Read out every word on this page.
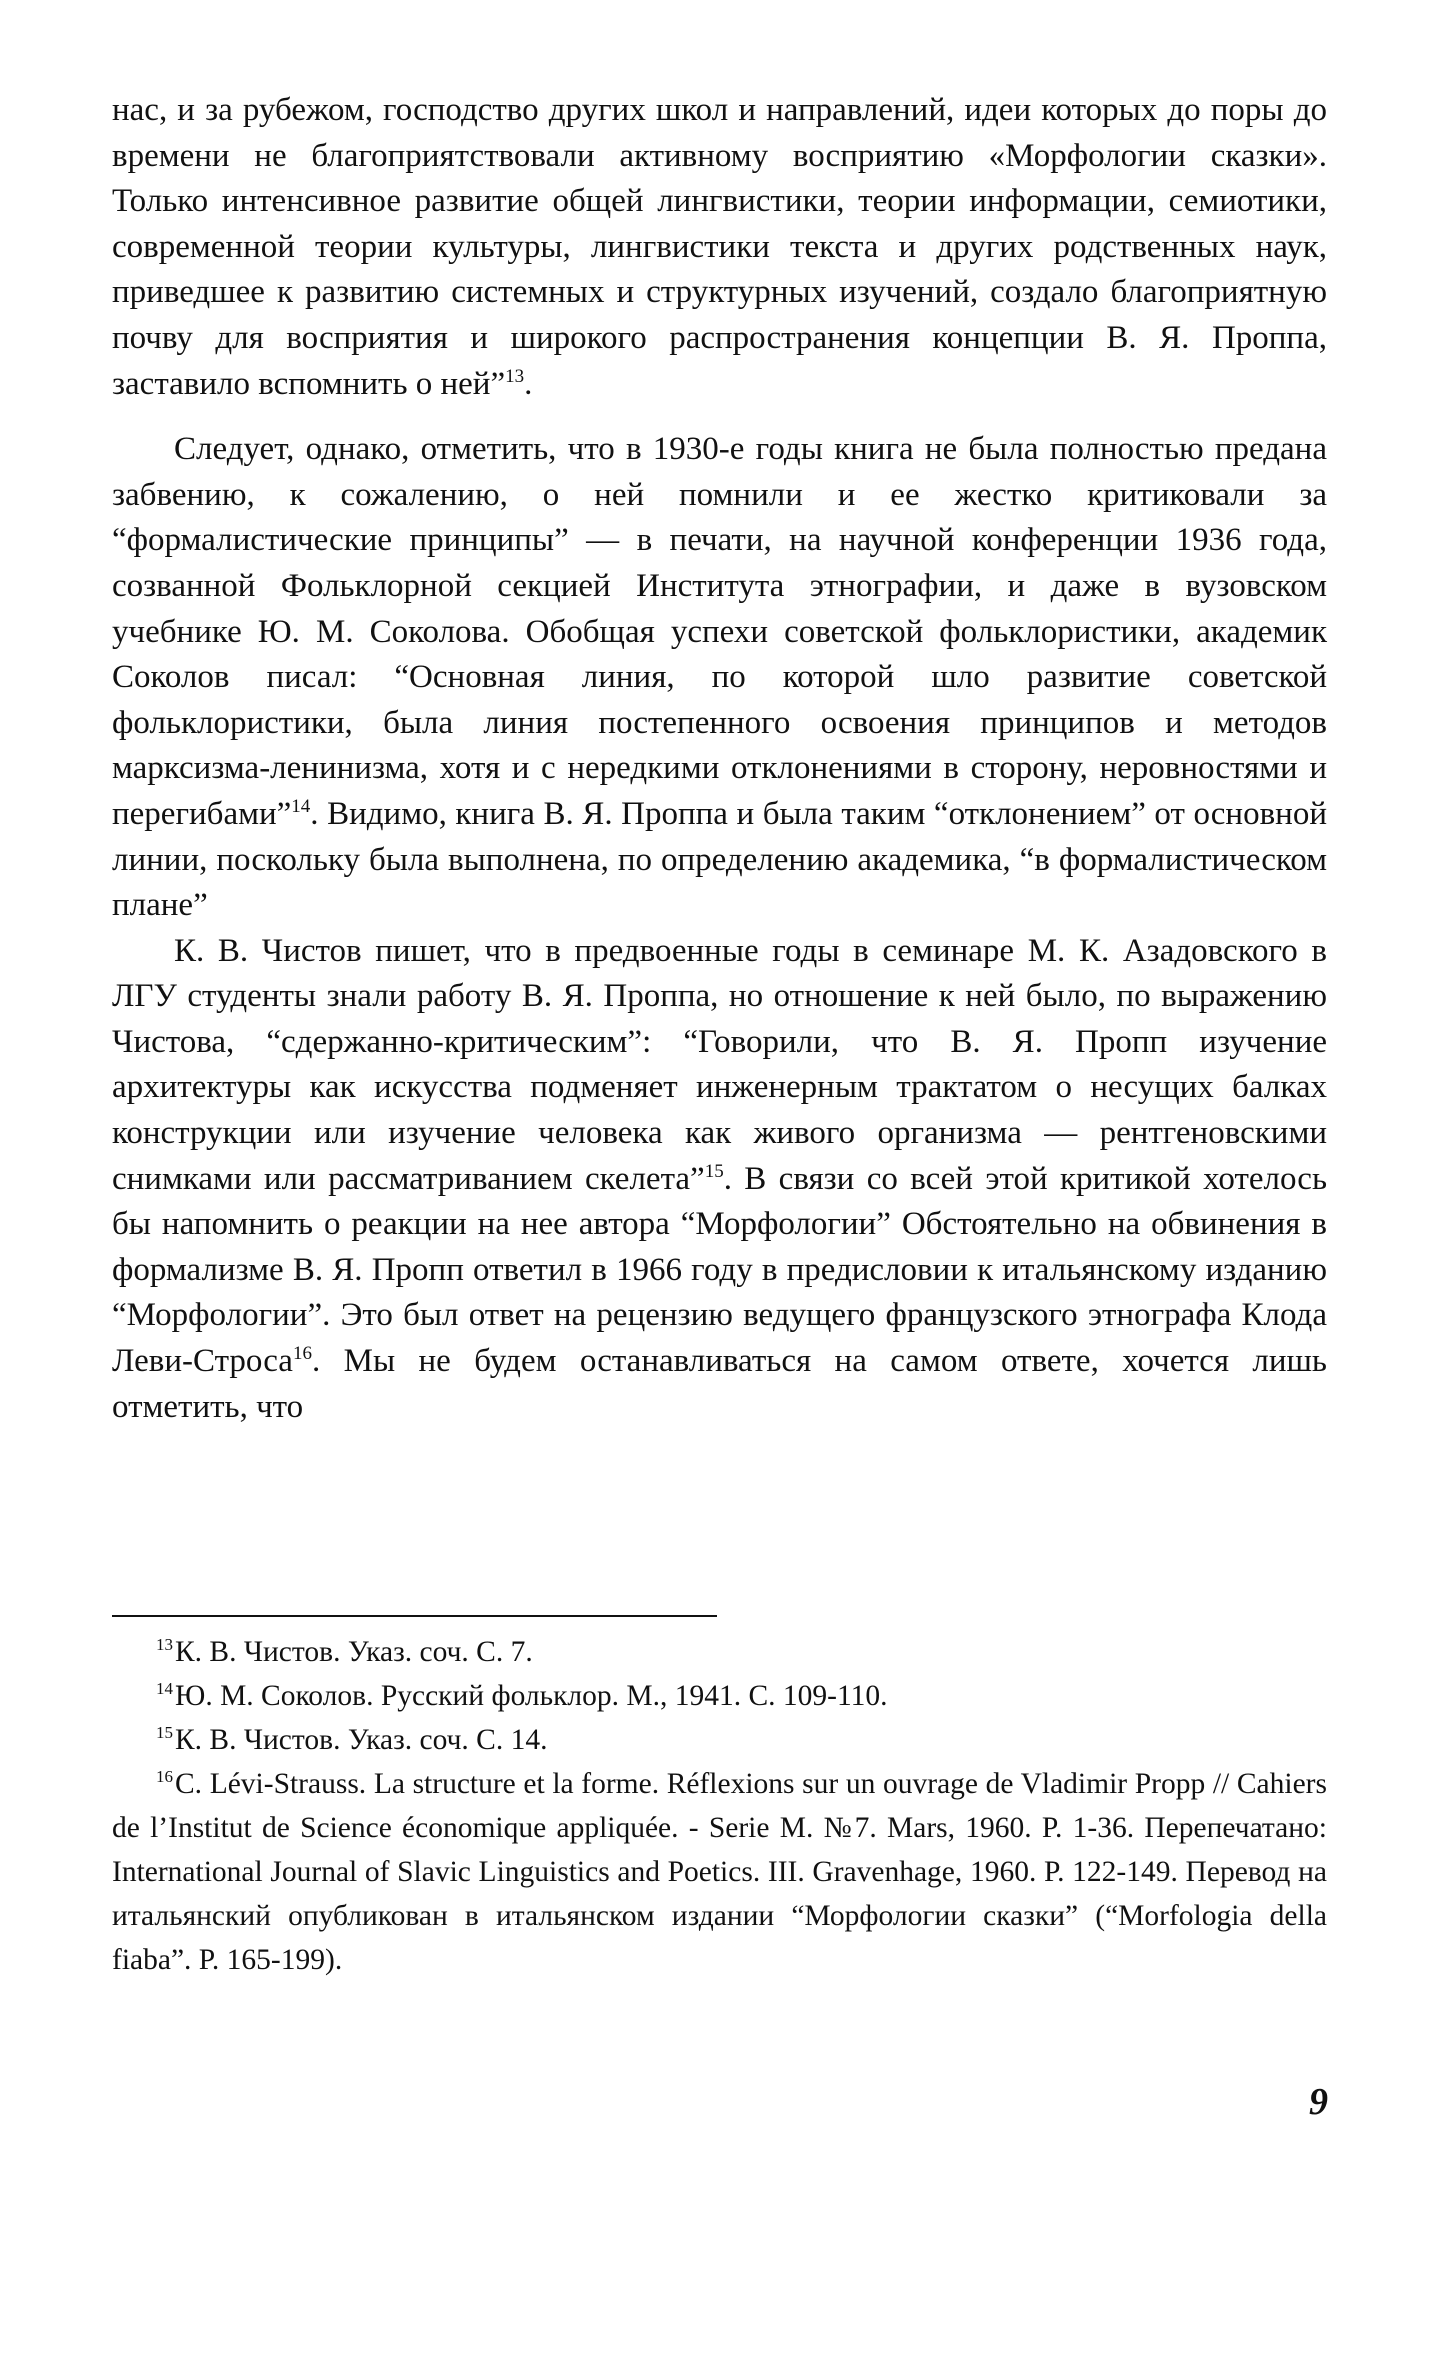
нас, и за рубежом, господство других школ и направлений, идеи которых до поры до времени не благоприятствовали активному восприятию «Морфологии сказки». Только интенсивное развитие общей лингвистики, теории информации, семиотики, современной теории культуры, лингвистики текста и других родственных наук, приведшее к развитию системных и структурных изучений, создало благоприятную почву для восприятия и широкого распространения концепции В. Я. Проппа, заставило вспомнить о ней”$^{13}$.

Следует, однако, отметить, что в 1930-е годы книга не была полностью предана забвению, к сожалению, о ней помнили и ее жестко критиковали за “формалистические принципы” — в печати, на научной конференции 1936 года, созванной Фольклорной секцией Института этнографии, и даже в вузовском учебнике Ю. М. Соколова. Обобщая успехи советской фольклористики, академик Соколов писал: “Основная линия, по которой шло развитие советской фольклористики, была линия постепенного освоения принципов и методов марксизма-ленинизма, хотя и с нередкими отклонениями в сторону, неровностями и перегибами”$^{14}$. Видимо, книга В. Я. Проппа и была таким “отклонением” от основной линии, поскольку была выполнена, по определению академика, “в формалистическом плане”

К. В. Чистов пишет, что в предвоенные годы в семинаре М. К. Азадовского в ЛГУ студенты знали работу В. Я. Проппа, но отношение к ней было, по выражению Чистова, “сдержанно-критическим”: “Говорили, что В. Я. Пропп изучение архитектуры как искусства подменяет инженерным трактатом о несущих балках конструкции или изучение человека как живого организма — рентгеновскими снимками или рассматриванием скелета”$^{15}$. В связи со всей этой критикой хотелось бы напомнить о реакции на нее автора “Морфологии” Обстоятельно на обвинения в формализме В. Я. Пропп ответил в 1966 году в предисловии к итальянскому изданию “Морфологии”. Это был ответ на рецензию ведущего французского этнографа Клода Леви-Строса$^{16}$. Мы не будем останавливаться на самом ответе, хочется лишь отметить, что

$^{13}$К. В. Чистов. Указ. соч. С. 7.

$^{14}$Ю. М. Соколов. Русский фольклор. М., 1941. С. 109-110.

$^{15}$К. В. Чистов. Указ. соч. С. 14.

$^{16}$С. Lévi-Strauss. La structure et la forme. Réflexions sur un ouvrage de Vladimir Propp // Cahiers de l’Institut de Science économique appliquée. - Serie M. №7. Mars, 1960. P. 1-36. Перепечатано: International Journal of Slavic Linguistics and Poetics. III. Gravenhage, 1960. P. 122-149. Перевод на итальянский опубликован в итальянском издании “Морфологии сказки” (“Morfologia della fiaba”. P. 165-199).

9
